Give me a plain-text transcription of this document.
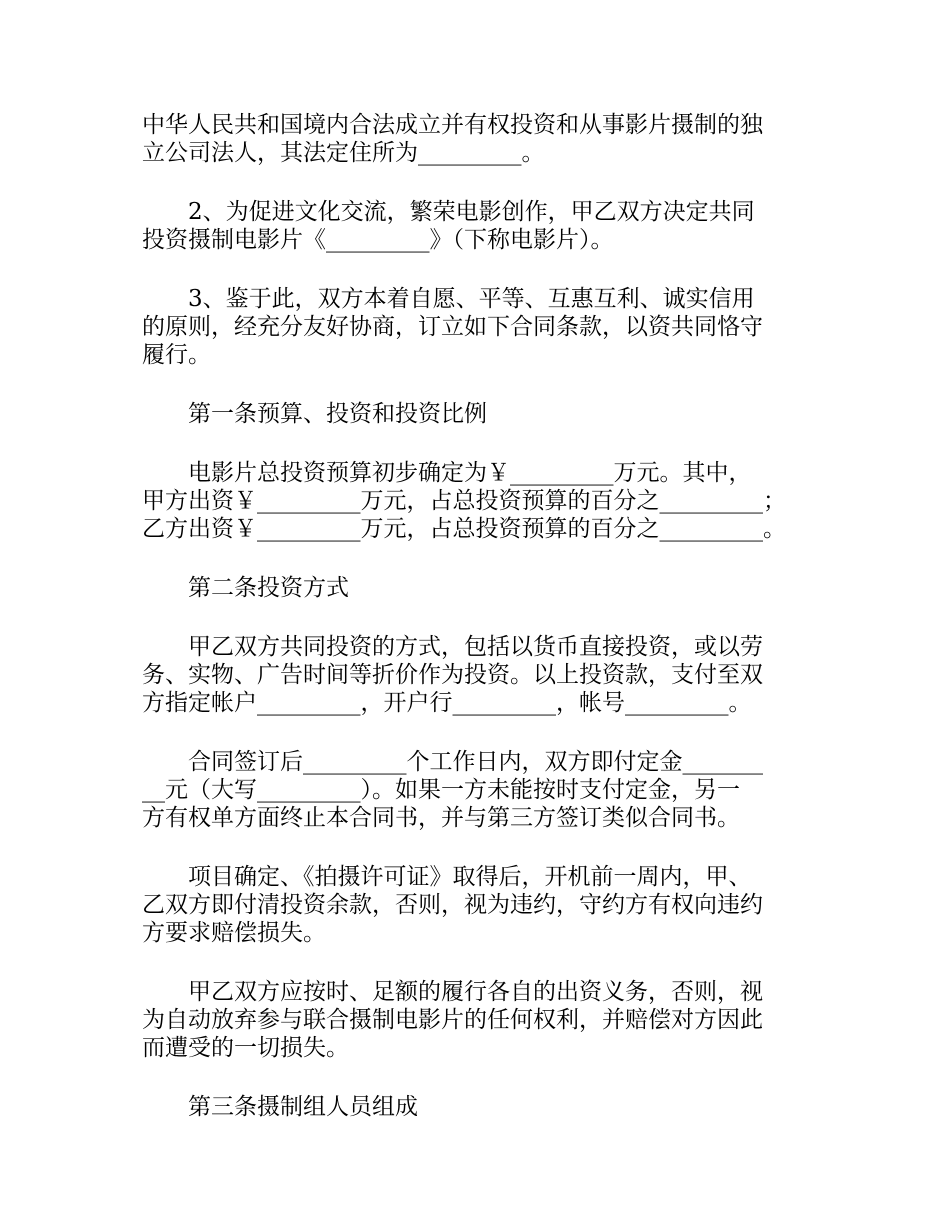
中华人民共和国境内合法成立并有权投资和从事影片摄制的独
立公司法人，其法定住所为_________。
2、为促进文化交流，繁荣电影创作，甲乙双方决定共同
投资摄制电影片《_________》（下称电影片）。
3、鉴于此，双方本着自愿、平等、互惠互利、诚实信用
的原则，经充分友好协商，订立如下合同条款，以资共同恪守
履行。
第一条预算、投资和投资比例
电影片总投资预算初步确定为￥_________万元。其中，
甲方出资￥_________万元，占总投资预算的百分之_________；
乙方出资￥_________万元，占总投资预算的百分之_________。
第二条投资方式
甲乙双方共同投资的方式，包括以货币直接投资，或以劳
务、实物、广告时间等折价作为投资。以上投资款，支付至双
方指定帐户_________，开户行_________，帐号_________。
合同签订后_________个工作日内，双方即付定金_______
__元（大写_________）。如果一方未能按时支付定金，另一
方有权单方面终止本合同书，并与第三方签订类似合同书。
项目确定、《拍摄许可证》取得后，开机前一周内，甲、
乙双方即付清投资余款，否则，视为违约，守约方有权向违约
方要求赔偿损失。
甲乙双方应按时、足额的履行各自的出资义务，否则，视
为自动放弃参与联合摄制电影片的任何权利，并赔偿对方因此
而遭受的一切损失。
第三条摄制组人员组成
